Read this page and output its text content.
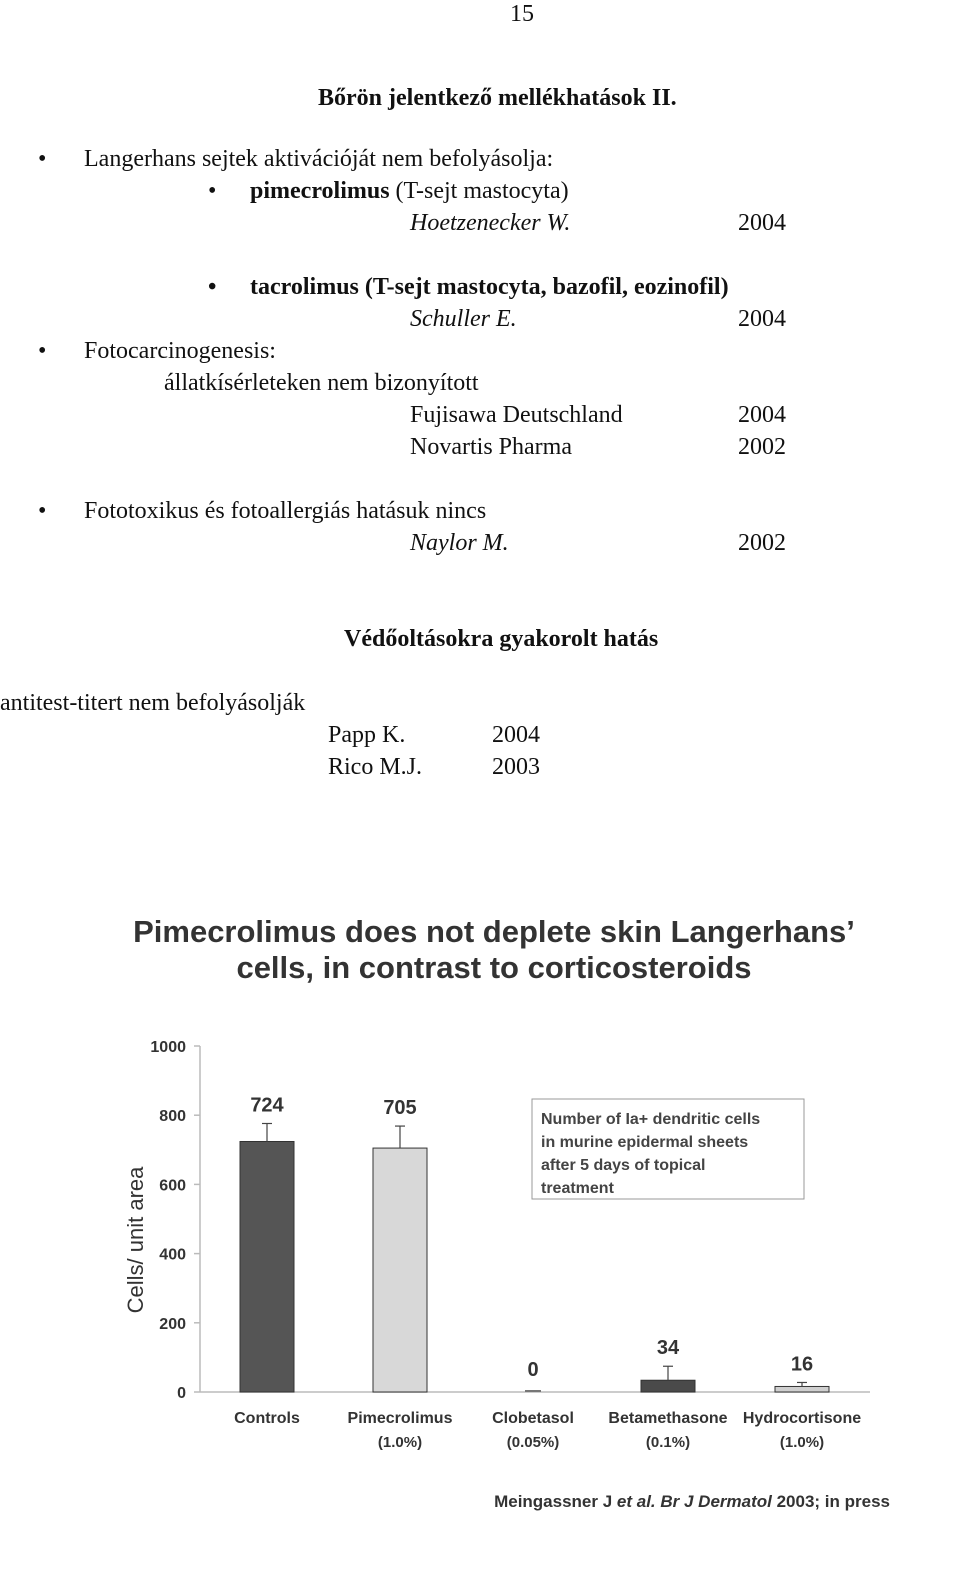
15
Bőrön jelentkező mellékhatások II.
• Langerhans sejtek aktivációját nem befolyásolja:
• pimecrolimus (T-sejt mastocyta)
Hoetzenecker W.	2004
• tacrolimus (T-sejt mastocyta, bazofil, eozinofil)
Schuller E.	2004
• Fotocarcinogenesis:
állatkísérleteken nem bizonyított
Fujisawa Deutschland	2004
Novartis Pharma	2002
• Fototoxikus és fotoallergiás hatásuk nincs
Naylor M.	2002
Védőoltásokra gyakorolt hatás
antitest-titert nem befolyásolják
Papp K.	2004
Rico M.J.	2003
Pimecrolimus does not deplete skin Langerhans’
cells, in contrast to corticosteroids
Cells/ unit area
0
200
400
600
800
1000
724
Controls
705
Pimecrolimus
(1.0%)
0
Clobetasol
(0.05%)
34
Betamethasone
(0.1%)
16
Hydrocortisone
(1.0%)
Number of Ia+ dendritic cells
in murine epidermal sheets
after 5 days of topical
treatment
Meingassner J et al. Br J Dermatol 2003; in press
